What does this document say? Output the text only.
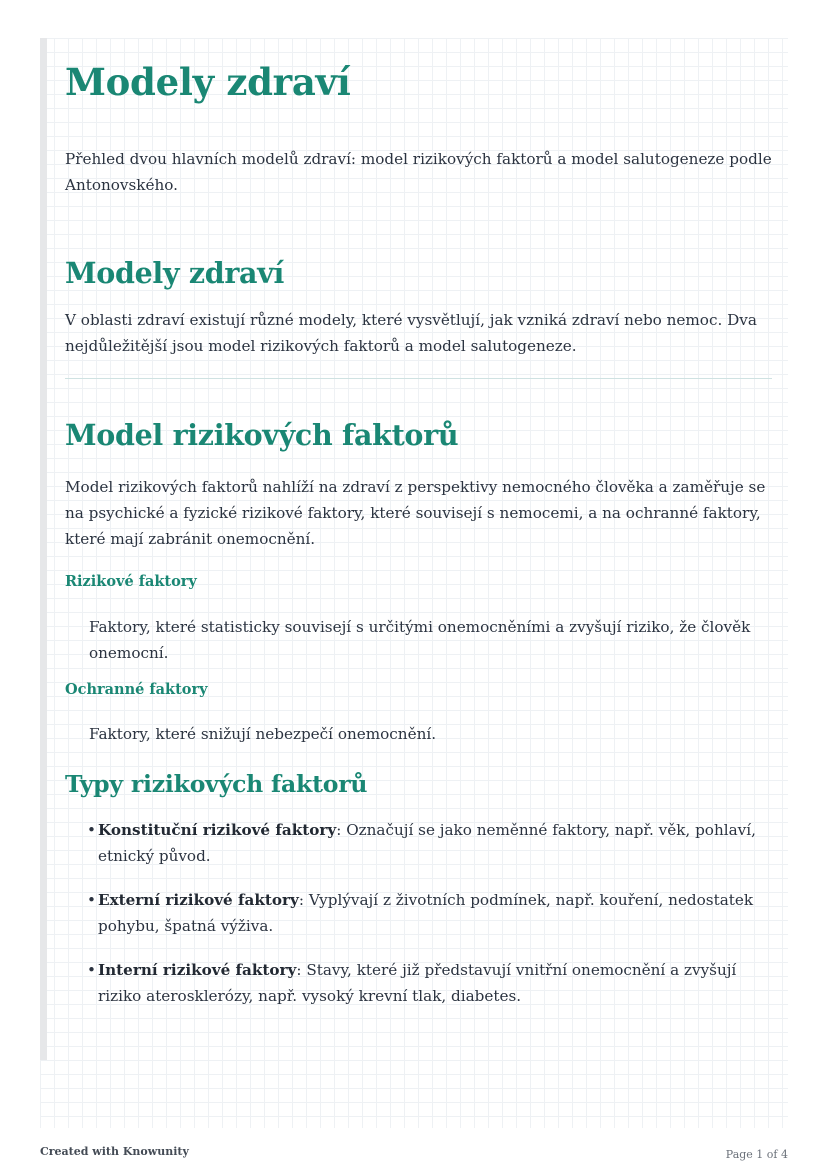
Modely zdraví

Přehled dvou hlavních modelů zdraví: model rizikových faktorů a model salutogeneze podle Antonovského.

Modely zdraví

V oblasti zdraví existují různé modely, které vysvětlují, jak vzniká zdraví nebo nemoc. Dva nejdůležitější jsou model rizikových faktorů a model salutogeneze.

Model rizikových faktorů

Model rizikových faktorů nahlíží na zdraví z perspektivy nemocného člověka a zaměřuje se na psychické a fyzické rizikové faktory, které souvisejí s nemocemi, a na ochranné faktory, které mají zabránit onemocnění.

Rizikové faktory

Faktory, které statisticky souvisejí s určitými onemocněními a zvyšují riziko, že člověk onemocní.

Ochranné faktory

Faktory, které snižují nebezpečí onemocnění.

Typy rizikových faktorů
• Konstituční rizikové faktory: Označují se jako neměnné faktory, např. věk, pohlaví, etnický původ.
• Externí rizikové faktory: Vyplývají z životních podmínek, např. kouření, nedostatek pohybu, špatná výživa.
• Interní rizikové faktory: Stavy, které již představují vnitřní onemocnění a zvyšují riziko aterosklerózy, např. vysoký krevní tlak, diabetes.
Created with Knowunity	Page 1 of 4
